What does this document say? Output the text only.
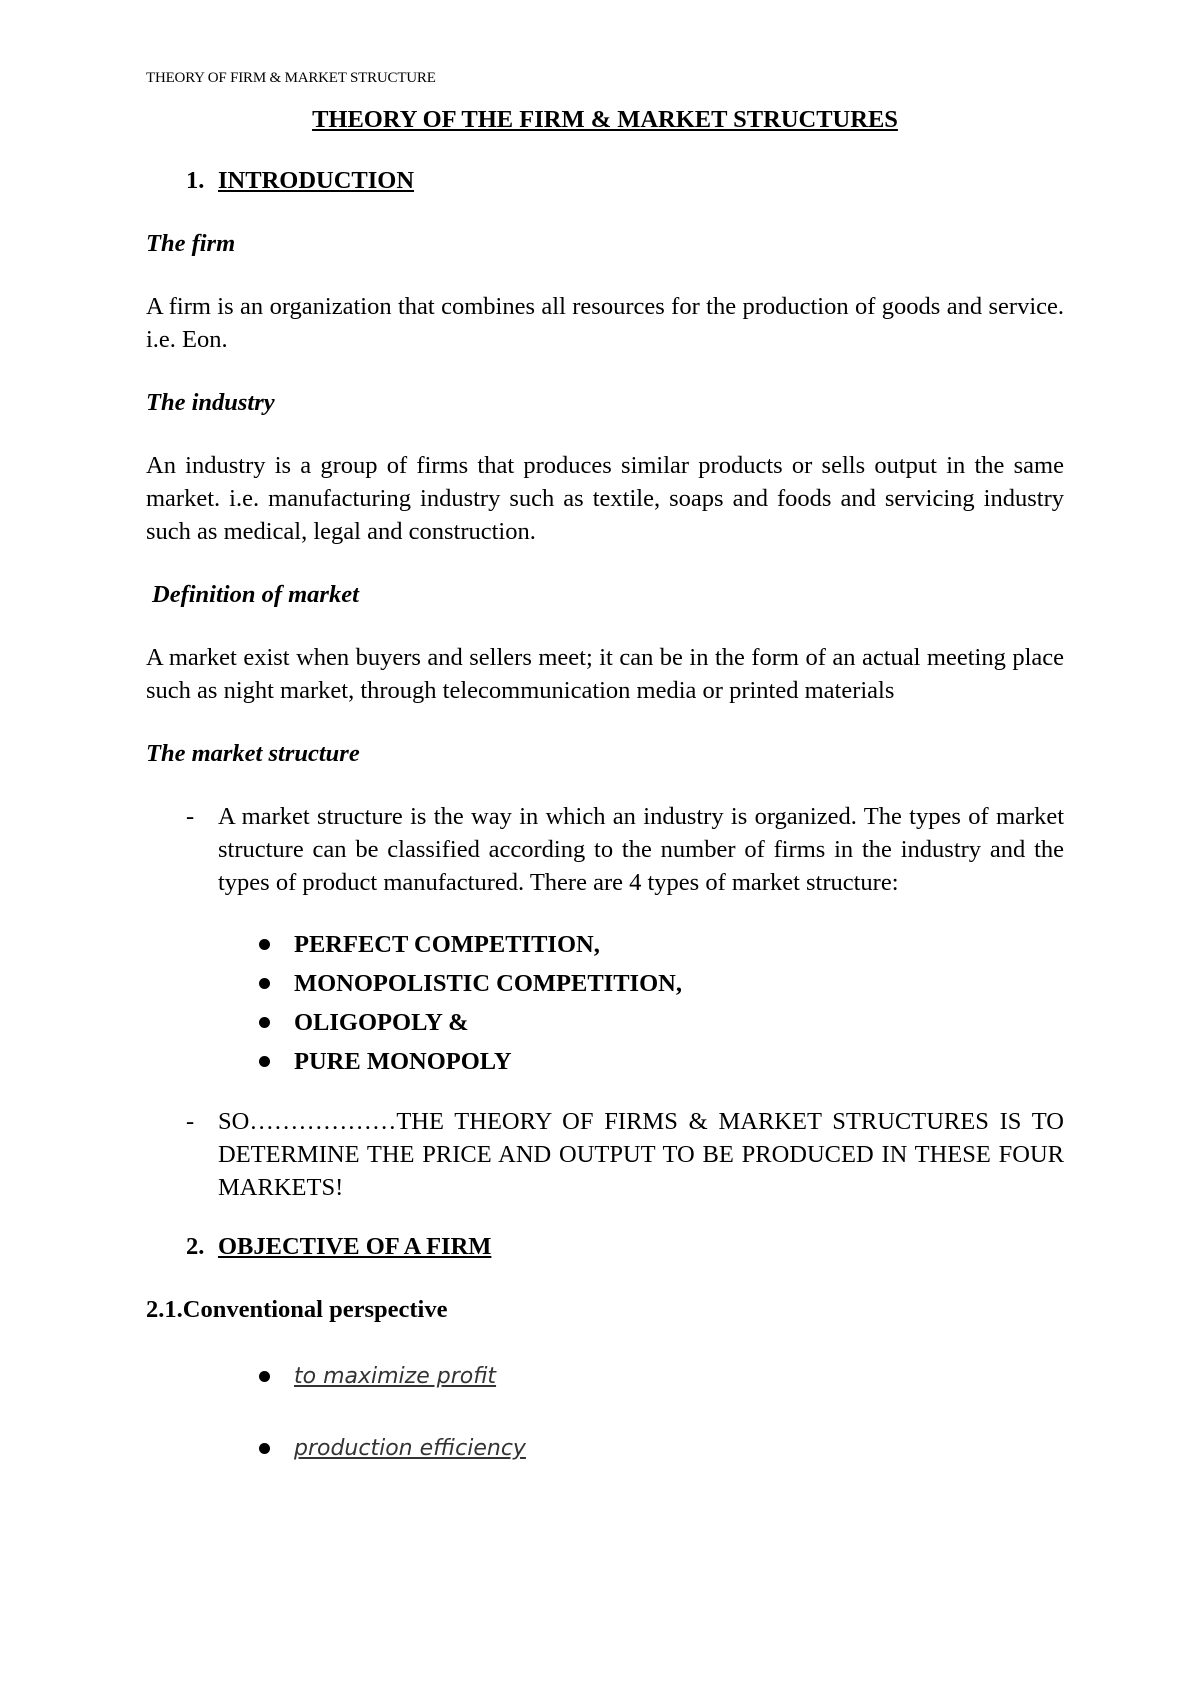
THEORY OF FIRM & MARKET STRUCTURE
THEORY OF THE FIRM & MARKET STRUCTURES
1. INTRODUCTION
The firm

A firm is an organization that combines all resources for the production of goods and service. i.e. Eon.

The industry

An industry is a group of firms that produces similar products or sells output in the same market. i.e. manufacturing industry such as textile, soaps and foods and servicing industry such as medical, legal and construction.

Definition of market

A market exist when buyers and sellers meet; it can be in the form of an actual meeting place such as night market, through telecommunication media or printed materials

The market structure
- A market structure is the way in which an industry is organized. The types of market structure can be classified according to the number of firms in the industry and the types of product manufactured. There are 4 types of market structure:
PERFECT COMPETITION,
MONOPOLISTIC COMPETITION,
OLIGOPOLY &
PURE MONOPOLY
- SO………………THE THEORY OF FIRMS & MARKET STRUCTURES IS TO DETERMINE THE PRICE AND OUTPUT TO BE PRODUCED IN THESE FOUR MARKETS!
2. OBJECTIVE OF A FIRM
2.1.Conventional perspective
to maximize profit
production efficiency
